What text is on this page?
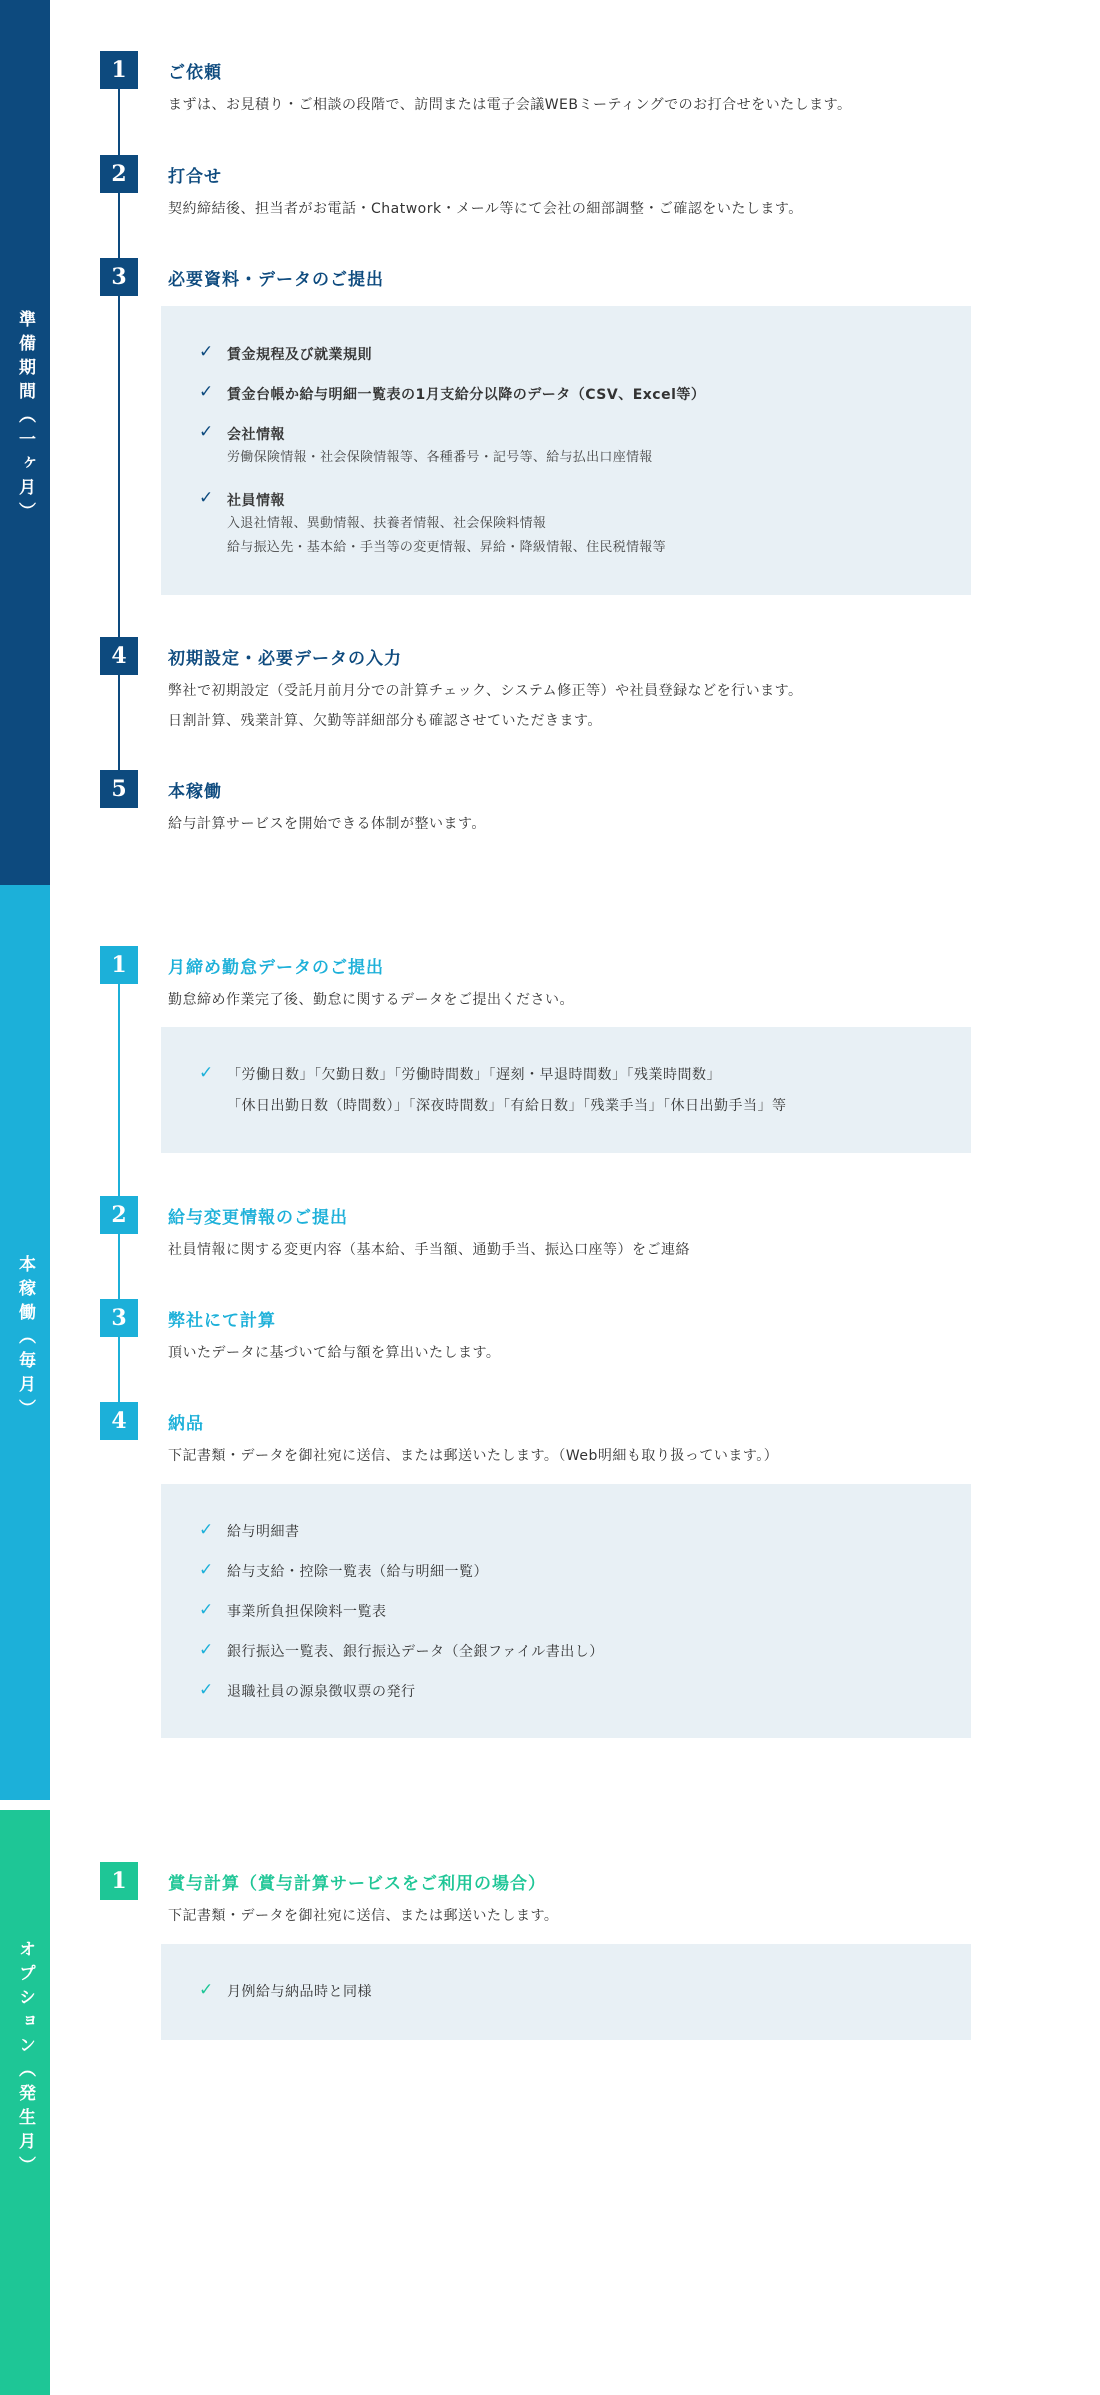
準備期間（一ヶ月）
本稼働（毎月）
オプション（発生月）
1	ご依頼
まずは、お見積り・ご相談の段階で、訪問または電子会議WEBミーティングでのお打合せをいたします。
2	打合せ
契約締結後、担当者がお電話・Chatwork・メール等にて会社の細部調整・ご確認をいたします。
3	必要資料・データのご提出
✓ 賃金規程及び就業規則
✓ 賃金台帳か給与明細一覧表の1月支給分以降のデータ（CSV、Excel等）
✓ 会社情報
労働保険情報・社会保険情報等、各種番号・記号等、給与払出口座情報
✓ 社員情報
入退社情報、異動情報、扶養者情報、社会保険料情報
給与振込先・基本給・手当等の変更情報、昇給・降級情報、住民税情報等
4	初期設定・必要データの入力
弊社で初期設定（受託月前月分での計算チェック、システム修正等）や社員登録などを行います。
日割計算、残業計算、欠勤等詳細部分も確認させていただきます。
5	本稼働
給与計算サービスを開始できる体制が整います。
1	月締め勤怠データのご提出
勤怠締め作業完了後、勤怠に関するデータをご提出ください。
✓ 「労働日数」「欠勤日数」「労働時間数」「遅刻・早退時間数」「残業時間数」
「休日出勤日数（時間数）」「深夜時間数」「有給日数」「残業手当」「休日出勤手当」等
2	給与変更情報のご提出
社員情報に関する変更内容（基本給、手当額、通勤手当、振込口座等）をご連絡
3	弊社にて計算
頂いたデータに基づいて給与額を算出いたします。
4	納品
下記書類・データを御社宛に送信、または郵送いたします。（Web明細も取り扱っています。）
✓ 給与明細書
✓ 給与支給・控除一覧表（給与明細一覧）
✓ 事業所負担保険料一覧表
✓ 銀行振込一覧表、銀行振込データ（全銀ファイル書出し）
✓ 退職社員の源泉徴収票の発行
1	賞与計算（賞与計算サービスをご利用の場合）
下記書類・データを御社宛に送信、または郵送いたします。
✓ 月例給与納品時と同様
